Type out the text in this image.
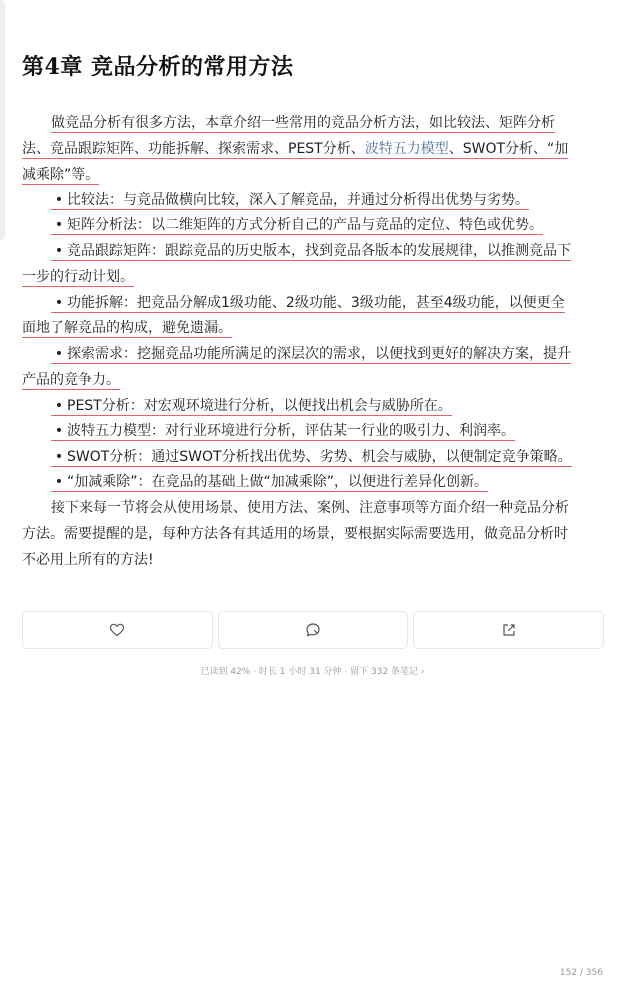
第4章 竞品分析的常用方法
做竞品分析有很多方法，本章介绍一些常用的竞品分析方法，如比较法、矩阵分析
法、竞品跟踪矩阵、功能拆解、探索需求、PEST分析、波特五力模型、SWOT分析、“加
减乘除”等。
• 比较法：与竞品做横向比较，深入了解竞品，并通过分析得出优势与劣势。
• 矩阵分析法：以二维矩阵的方式分析自己的产品与竞品的定位、特色或优势。
• 竞品跟踪矩阵：跟踪竞品的历史版本，找到竞品各版本的发展规律，以推测竞品下
一步的行动计划。
• 功能拆解：把竞品分解成1级功能、2级功能、3级功能，甚至4级功能，以便更全
面地了解竞品的构成，避免遗漏。
• 探索需求：挖掘竞品功能所满足的深层次的需求，以便找到更好的解决方案，提升
产品的竞争力。
• PEST分析：对宏观环境进行分析，以便找出机会与威胁所在。
• 波特五力模型：对行业环境进行分析，评估某一行业的吸引力、利润率。
• SWOT分析：通过SWOT分析找出优势、劣势、机会与威胁，以便制定竞争策略。
• “加减乘除”：在竞品的基础上做“加减乘除”，以便进行差异化创新。
接下来每一节将会从使用场景、使用方法、案例、注意事项等方面介绍一种竞品分析
方法。需要提醒的是，每种方法各有其适用的场景，要根据实际需要选用，做竞品分析时
不必用上所有的方法!
已读到 42% · 时长 1 小时 31 分钟 · 留下 332 条笔记 ›
152 / 356
